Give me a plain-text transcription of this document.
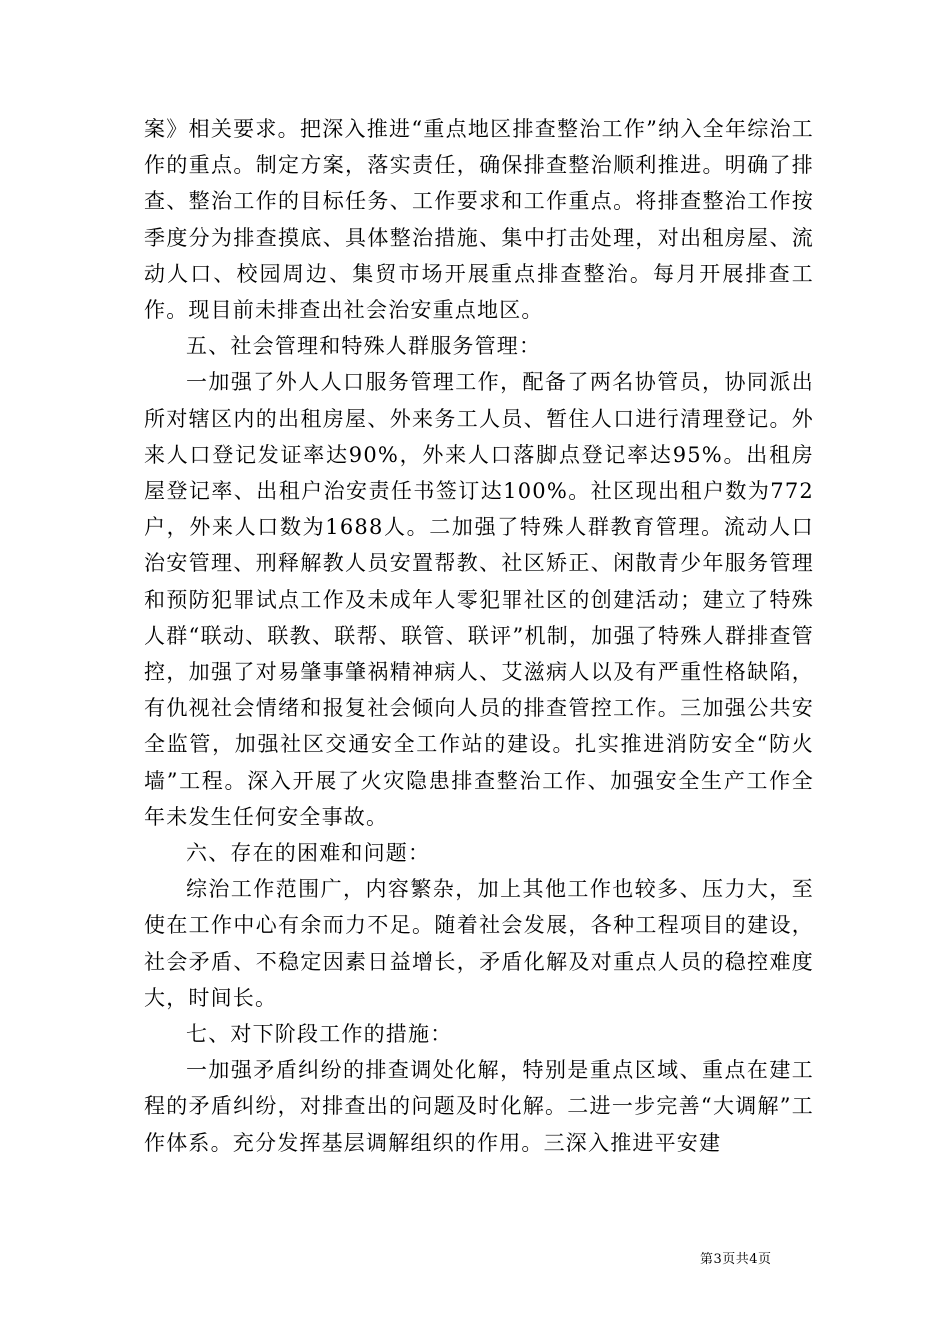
案》相关要求。把深入推进“重点地区排查整治工作”纳入全年综治工作的重点。制定方案，落实责任，确保排查整治顺利推进。明确了排查、整治工作的目标任务、工作要求和工作重点。将排查整治工作按季度分为排查摸底、具体整治措施、集中打击处理，对出租房屋、流动人口、校园周边、集贸市场开展重点排查整治。每月开展排查工作。现目前未排查出社会治安重点地区。

五、社会管理和特殊人群服务管理：

一加强了外人人口服务管理工作，配备了两名协管员，协同派出所对辖区内的出租房屋、外来务工人员、暂住人口进行清理登记。外来人口登记发证率达90%，外来人口落脚点登记率达95%。出租房屋登记率、出租户治安责任书签订达100%。社区现出租户数为772户，外来人口数为1688人。二加强了特殊人群教育管理。流动人口治安管理、刑释解教人员安置帮教、社区矫正、闲散青少年服务管理和预防犯罪试点工作及未成年人零犯罪社区的创建活动；建立了特殊人群“联动、联教、联帮、联管、联评”机制，加强了特殊人群排查管控，加强了对易肇事肇祸精神病人、艾滋病人以及有严重性格缺陷，有仇视社会情绪和报复社会倾向人员的排查管控工作。三加强公共安全监管，加强社区交通安全工作站的建设。扎实推进消防安全“防火墙”工程。深入开展了火灾隐患排查整治工作、加强安全生产工作全年未发生任何安全事故。

六、存在的困难和问题：

综治工作范围广，内容繁杂，加上其他工作也较多、压力大，至使在工作中心有余而力不足。随着社会发展，各种工程项目的建设，社会矛盾、不稳定因素日益增长，矛盾化解及对重点人员的稳控难度大，时间长。

七、对下阶段工作的措施：

一加强矛盾纠纷的排查调处化解，特别是重点区域、重点在建工程的矛盾纠纷，对排查出的问题及时化解。二进一步完善“大调解”工作体系。充分发挥基层调解组织的作用。三深入推进平安建

第3页共4页
